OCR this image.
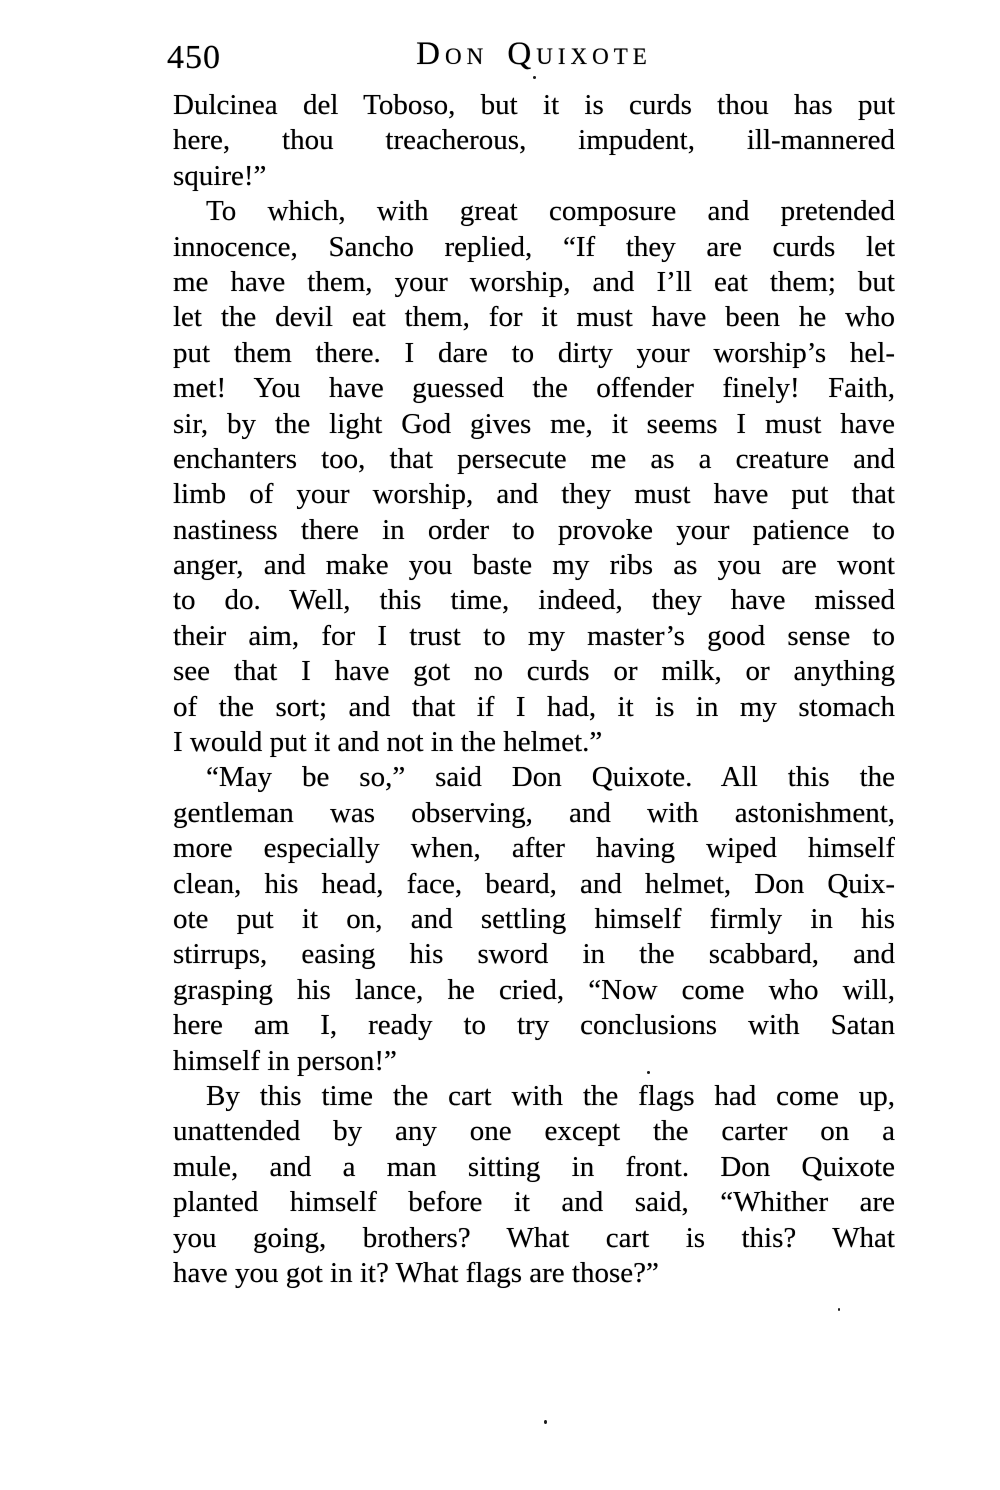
450	Don Quixote
Dulcinea del Toboso, but it is curds thou has put
here, thou treacherous, impudent, ill-mannered
squire!”
To which, with great composure and pretended
innocence, Sancho replied, “If they are curds let
me have them, your worship, and I’ll eat them; but
let the devil eat them, for it must have been he who
put them there. I dare to dirty your worship’s hel-
met! You have guessed the offender finely! Faith,
sir, by the light God gives me, it seems I must have
enchanters too, that persecute me as a creature and
limb of your worship, and they must have put that
nastiness there in order to provoke your patience to
anger, and make you baste my ribs as you are wont
to do. Well, this time, indeed, they have missed
their aim, for I trust to my master’s good sense to
see that I have got no curds or milk, or anything
of the sort; and that if I had, it is in my stomach
I would put it and not in the helmet.”
“May be so,” said Don Quixote. All this the
gentleman was observing, and with astonishment,
more especially when, after having wiped himself
clean, his head, face, beard, and helmet, Don Quix-
ote put it on, and settling himself firmly in his
stirrups, easing his sword in the scabbard, and
grasping his lance, he cried, “Now come who will,
here am I, ready to try conclusions with Satan
himself in person!”
By this time the cart with the flags had come up,
unattended by any one except the carter on a
mule, and a man sitting in front. Don Quixote
planted himself before it and said, “Whither are
you going, brothers? What cart is this? What
have you got in it? What flags are those?”
